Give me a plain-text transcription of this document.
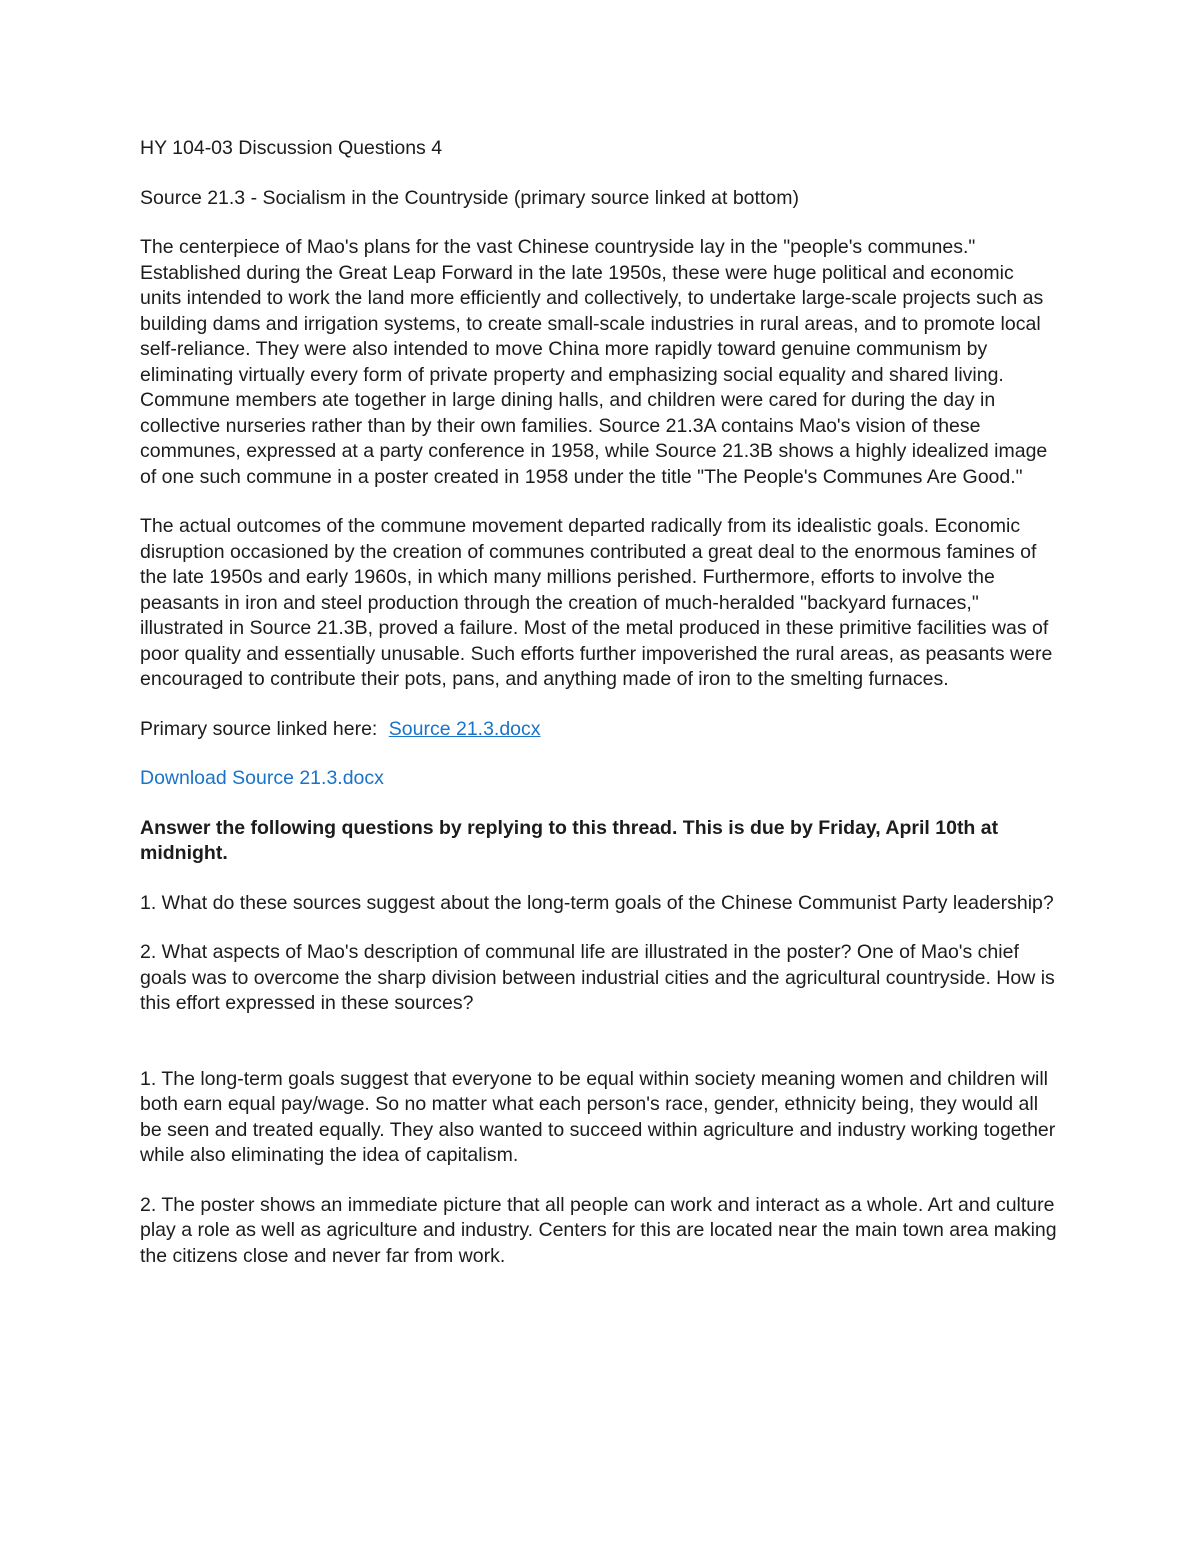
HY 104-03 Discussion Questions 4

Source 21.3 - Socialism in the Countryside (primary source linked at bottom)

The centerpiece of Mao's plans for the vast Chinese countryside lay in the "people's communes." Established during the Great Leap Forward in the late 1950s, these were huge political and economic units intended to work the land more efficiently and collectively, to undertake large-scale projects such as building dams and irrigation systems, to create small-scale industries in rural areas, and to promote local self-reliance. They were also intended to move China more rapidly toward genuine communism by eliminating virtually every form of private property and emphasizing social equality and shared living. Commune members ate together in large dining halls, and children were cared for during the day in collective nurseries rather than by their own families. Source 21.3A contains Mao's vision of these communes, expressed at a party conference in 1958, while Source 21.3B shows a highly idealized image of one such commune in a poster created in 1958 under the title "The People's Communes Are Good."

The actual outcomes of the commune movement departed radically from its idealistic goals. Economic disruption occasioned by the creation of communes contributed a great deal to the enormous famines of the late 1950s and early 1960s, in which many millions perished. Furthermore, efforts to involve the peasants in iron and steel production through the creation of much-heralded "backyard furnaces," illustrated in Source 21.3B, proved a failure. Most of the metal produced in these primitive facilities was of poor quality and essentially unusable. Such efforts further impoverished the rural areas, as peasants were encouraged to contribute their pots, pans, and anything made of iron to the smelting furnaces.

Primary source linked here: Source 21.3.docx

Download Source 21.3.docx

Answer the following questions by replying to this thread. This is due by Friday, April 10th at midnight.

1. What do these sources suggest about the long-term goals of the Chinese Communist Party leadership?

2. What aspects of Mao's description of communal life are illustrated in the poster? One of Mao's chief goals was to overcome the sharp division between industrial cities and the agricultural countryside. How is this effort expressed in these sources?

1. The long-term goals suggest that everyone to be equal within society meaning women and children will both earn equal pay/wage. So no matter what each person's race, gender, ethnicity being, they would all be seen and treated equally. They also wanted to succeed within agriculture and industry working together while also eliminating the idea of capitalism.

2. The poster shows an immediate picture that all people can work and interact as a whole. Art and culture play a role as well as agriculture and industry. Centers for this are located near the main town area making the citizens close and never far from work.
